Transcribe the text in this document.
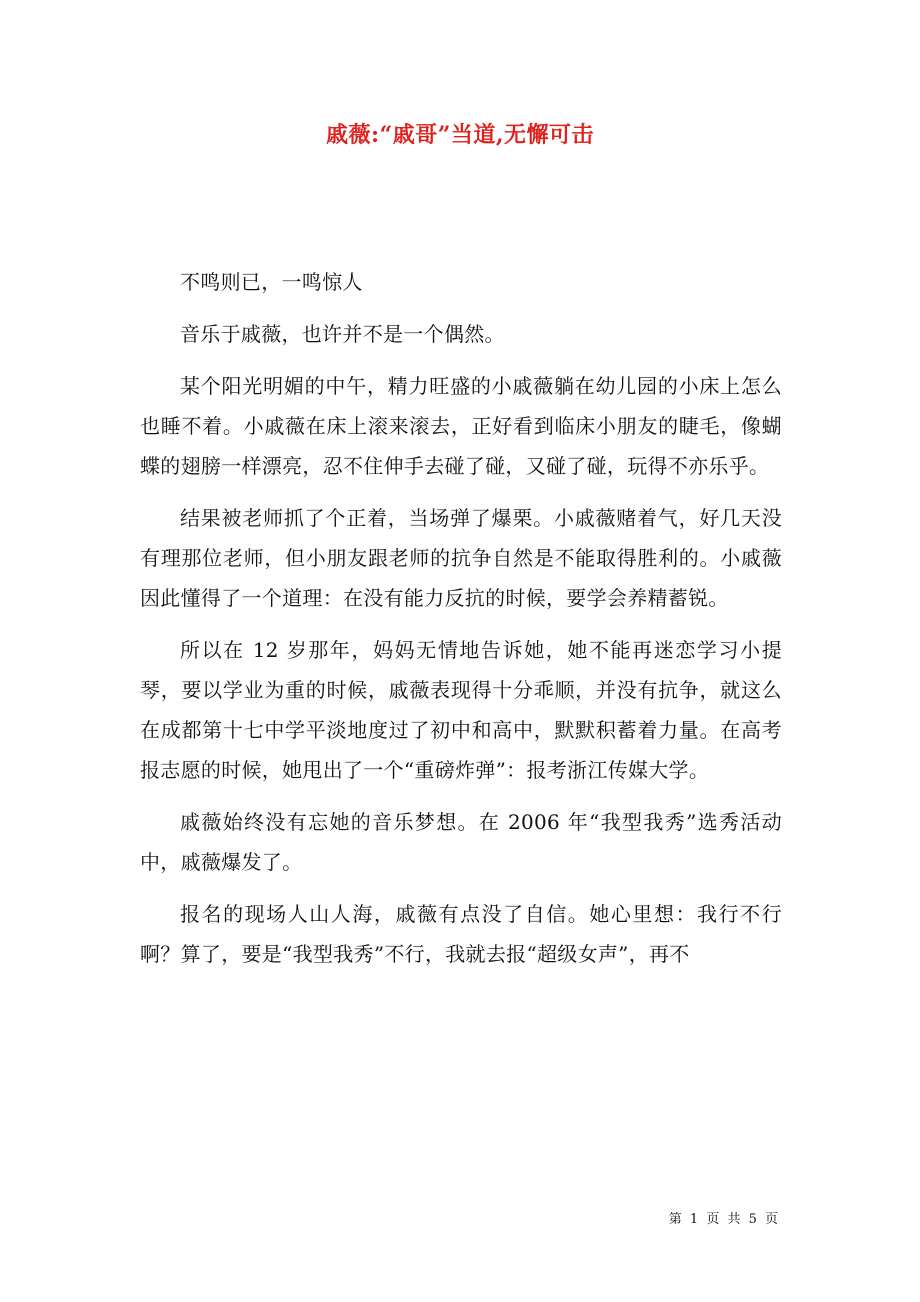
戚薇:“戚哥”当道,无懈可击

不鸣则已，一鸣惊人

音乐于戚薇，也许并不是一个偶然。

某个阳光明媚的中午，精力旺盛的小戚薇躺在幼儿园的小床上怎么也睡不着。小戚薇在床上滚来滚去，正好看到临床小朋友的睫毛，像蝴蝶的翅膀一样漂亮，忍不住伸手去碰了碰，又碰了碰，玩得不亦乐乎。

结果被老师抓了个正着，当场弹了爆栗。小戚薇赌着气，好几天没有理那位老师，但小朋友跟老师的抗争自然是不能取得胜利的。小戚薇因此懂得了一个道理：在没有能力反抗的时候，要学会养精蓄锐。

所以在 12 岁那年，妈妈无情地告诉她，她不能再迷恋学习小提琴，要以学业为重的时候，戚薇表现得十分乖顺，并没有抗争，就这么在成都第十七中学平淡地度过了初中和高中，默默积蓄着力量。在高考报志愿的时候，她甩出了一个“重磅炸弹”：报考浙江传媒大学。

戚薇始终没有忘她的音乐梦想。在 2006 年“我型我秀”选秀活动中，戚薇爆发了。

报名的现场人山人海，戚薇有点没了自信。她心里想：我行不行啊？算了，要是“我型我秀”不行，我就去报“超级女声”，再不

第 1 页 共 5 页
